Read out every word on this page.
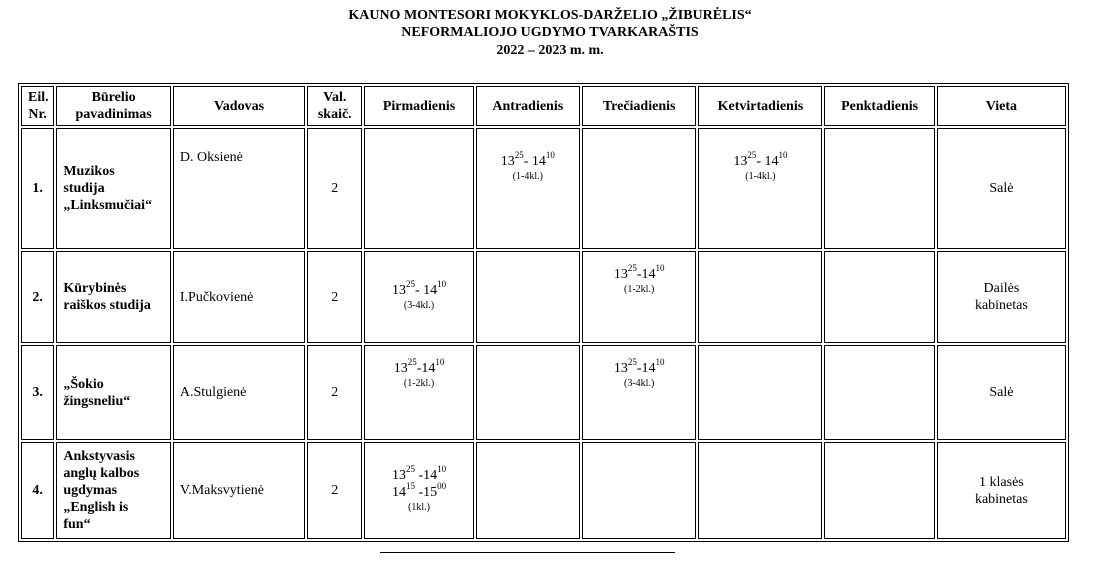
KAUNO MONTESORI MOKYKLOS-DARŽELIO „ŽIBURĖLIS“
NEFORMALIOJO UGDYMO TVARKARAŠTIS
2022 – 2023 m. m.
Eil.
Nr.	Būrelio
pavadinimas	Vadovas	Val.
skaič.	Pirmadienis	Antradienis	Trečiadienis	Ketvirtadienis	Penktadienis	Vieta
1.	Muzikos
studija
„Linksmučiai“	D. Oksienė	2		$13^{25}-$ $14^{10}$
(1-4kl.)		$13^{25}-$ $14^{10}$
(1-4kl.)		Salė
2.	Kūrybinės
raiškos studija	I.Pučkovienė	2	$13^{25}-$ $14^{10}$
(3-4kl.)		$13^{25}-14^{10}$
(1-2kl.)			Dailės
kabinetas
3.	„Šokio
žingsneliu“	A.Stulgienė	2	$13^{25}-14^{10}$
(1-2kl.)		$13^{25}-14^{10}$
(3-4kl.)			Salė
4.	Ankstyvasis
anglų kalbos
ugdymas
„English is
fun“	V.Maksvytienė	2	$13^{25}$ $-14^{10}$
$14^{15}$ $-15^{00}$
(1kl.)					1 klasės
kabinetas
